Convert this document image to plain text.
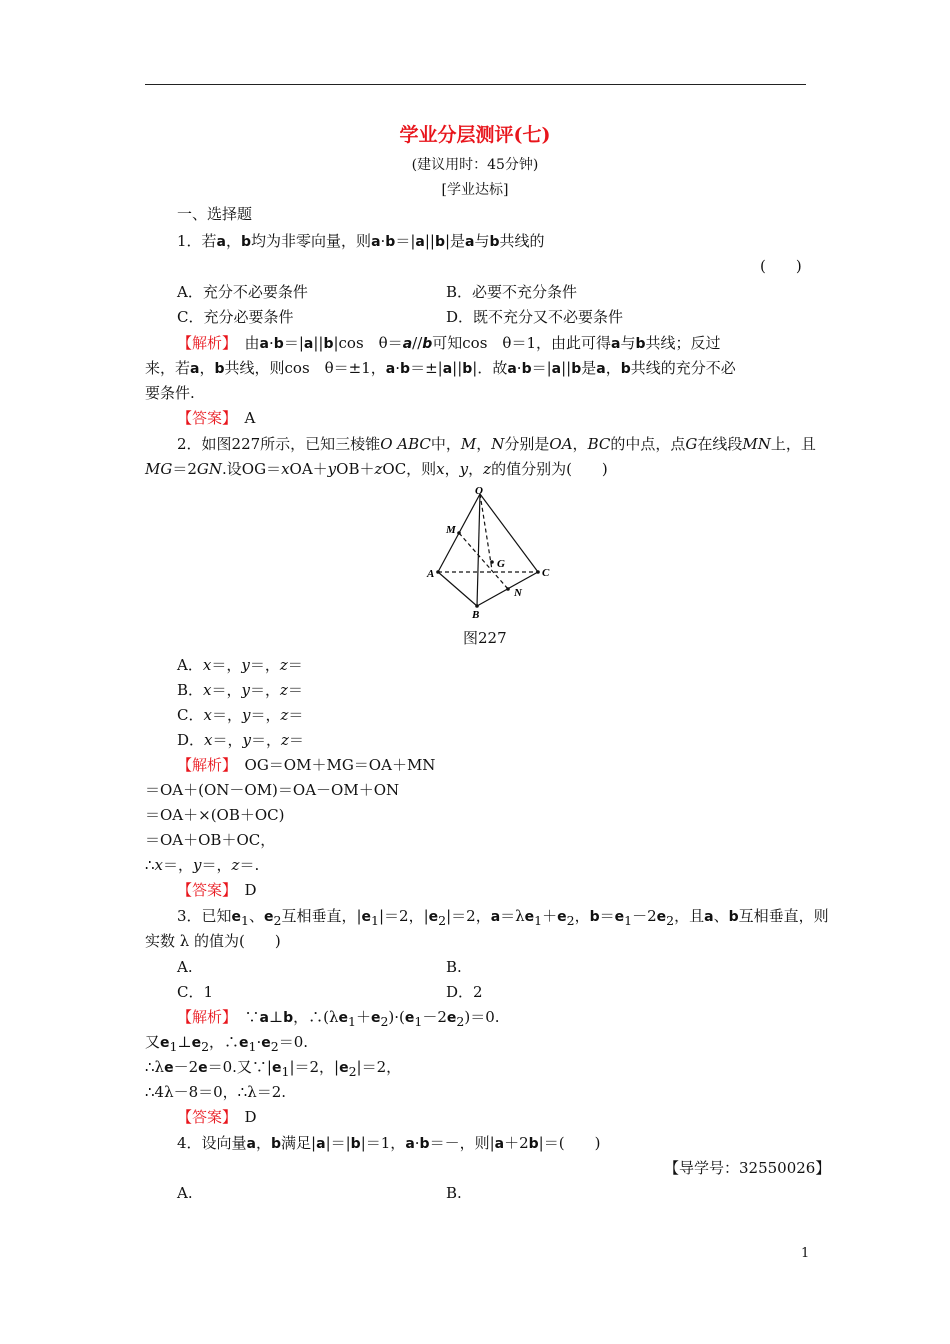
学业分层测评(七)
(建议用时：45分钟)
[学业达标]
一、选择题
1．若a，b均为非零向量，则a·b＝|a||b|是a与b共线的
(　　)
A．充分不必要条件	B．必要不充分条件
C．充分必要条件	D．既不充分又不必要条件
【解析】　 由a·b＝|a||b|cos　θ＝a//b可知cos　θ＝1，由此可得a与b共线；反过
来，若a，b共线，则cos　θ＝±1，a·b＝±|a||b|．故a·b＝|a||b是a，b共线的充分不必
要条件.
【答案】　 A
2．如图227所示，已知三棱锥O ABC中，M，N分别是OA，BC的中点，点G在线段MN上，且
MG＝2GN.设OG＝xOA＋yOB＋zOC，则x，y，z的值分别为(　　)
O
M
G
A	C
N
B
图227
A．x＝，y＝，z＝
B．x＝，y＝，z＝
C．x＝，y＝，z＝
D．x＝，y＝，z＝
【解析】　 OG＝OM＋MG＝OA＋MN
＝OA＋(ON－OM)＝OA－OM＋ON
＝OA＋×(OB＋OC)
＝OA＋OB＋OC，
∴x＝，y＝，z＝.
【答案】　 D
3．已知$e_1$、$e_2$互相垂直，$|e_1|=2$，$|e_2|=2$，$a=\lambda e_1+e_2$，$b=e_1-2e_2$，且a、b互相垂直，则
实数 λ 的值为(　　)
A.	B.
C．1	D．2
【解析】　 ∵a⊥b，$\therefore(\lambda e_1+e_2)\cdot(e_1-2e_2)=0$.
又$e_1\perp e_2$，$\therefore e_1\cdot e_2=0$.
∴λe－2e＝0.又$\because|e_1|=2$，$|e_2|=2$，
∴4λ－8＝0，∴λ＝2.
【答案】　 D
4．设向量a，b满足|a|＝|b|＝1，a·b＝－，则|a＋2b|＝(　　)
【导学号：32550026】
A.	B.
1
